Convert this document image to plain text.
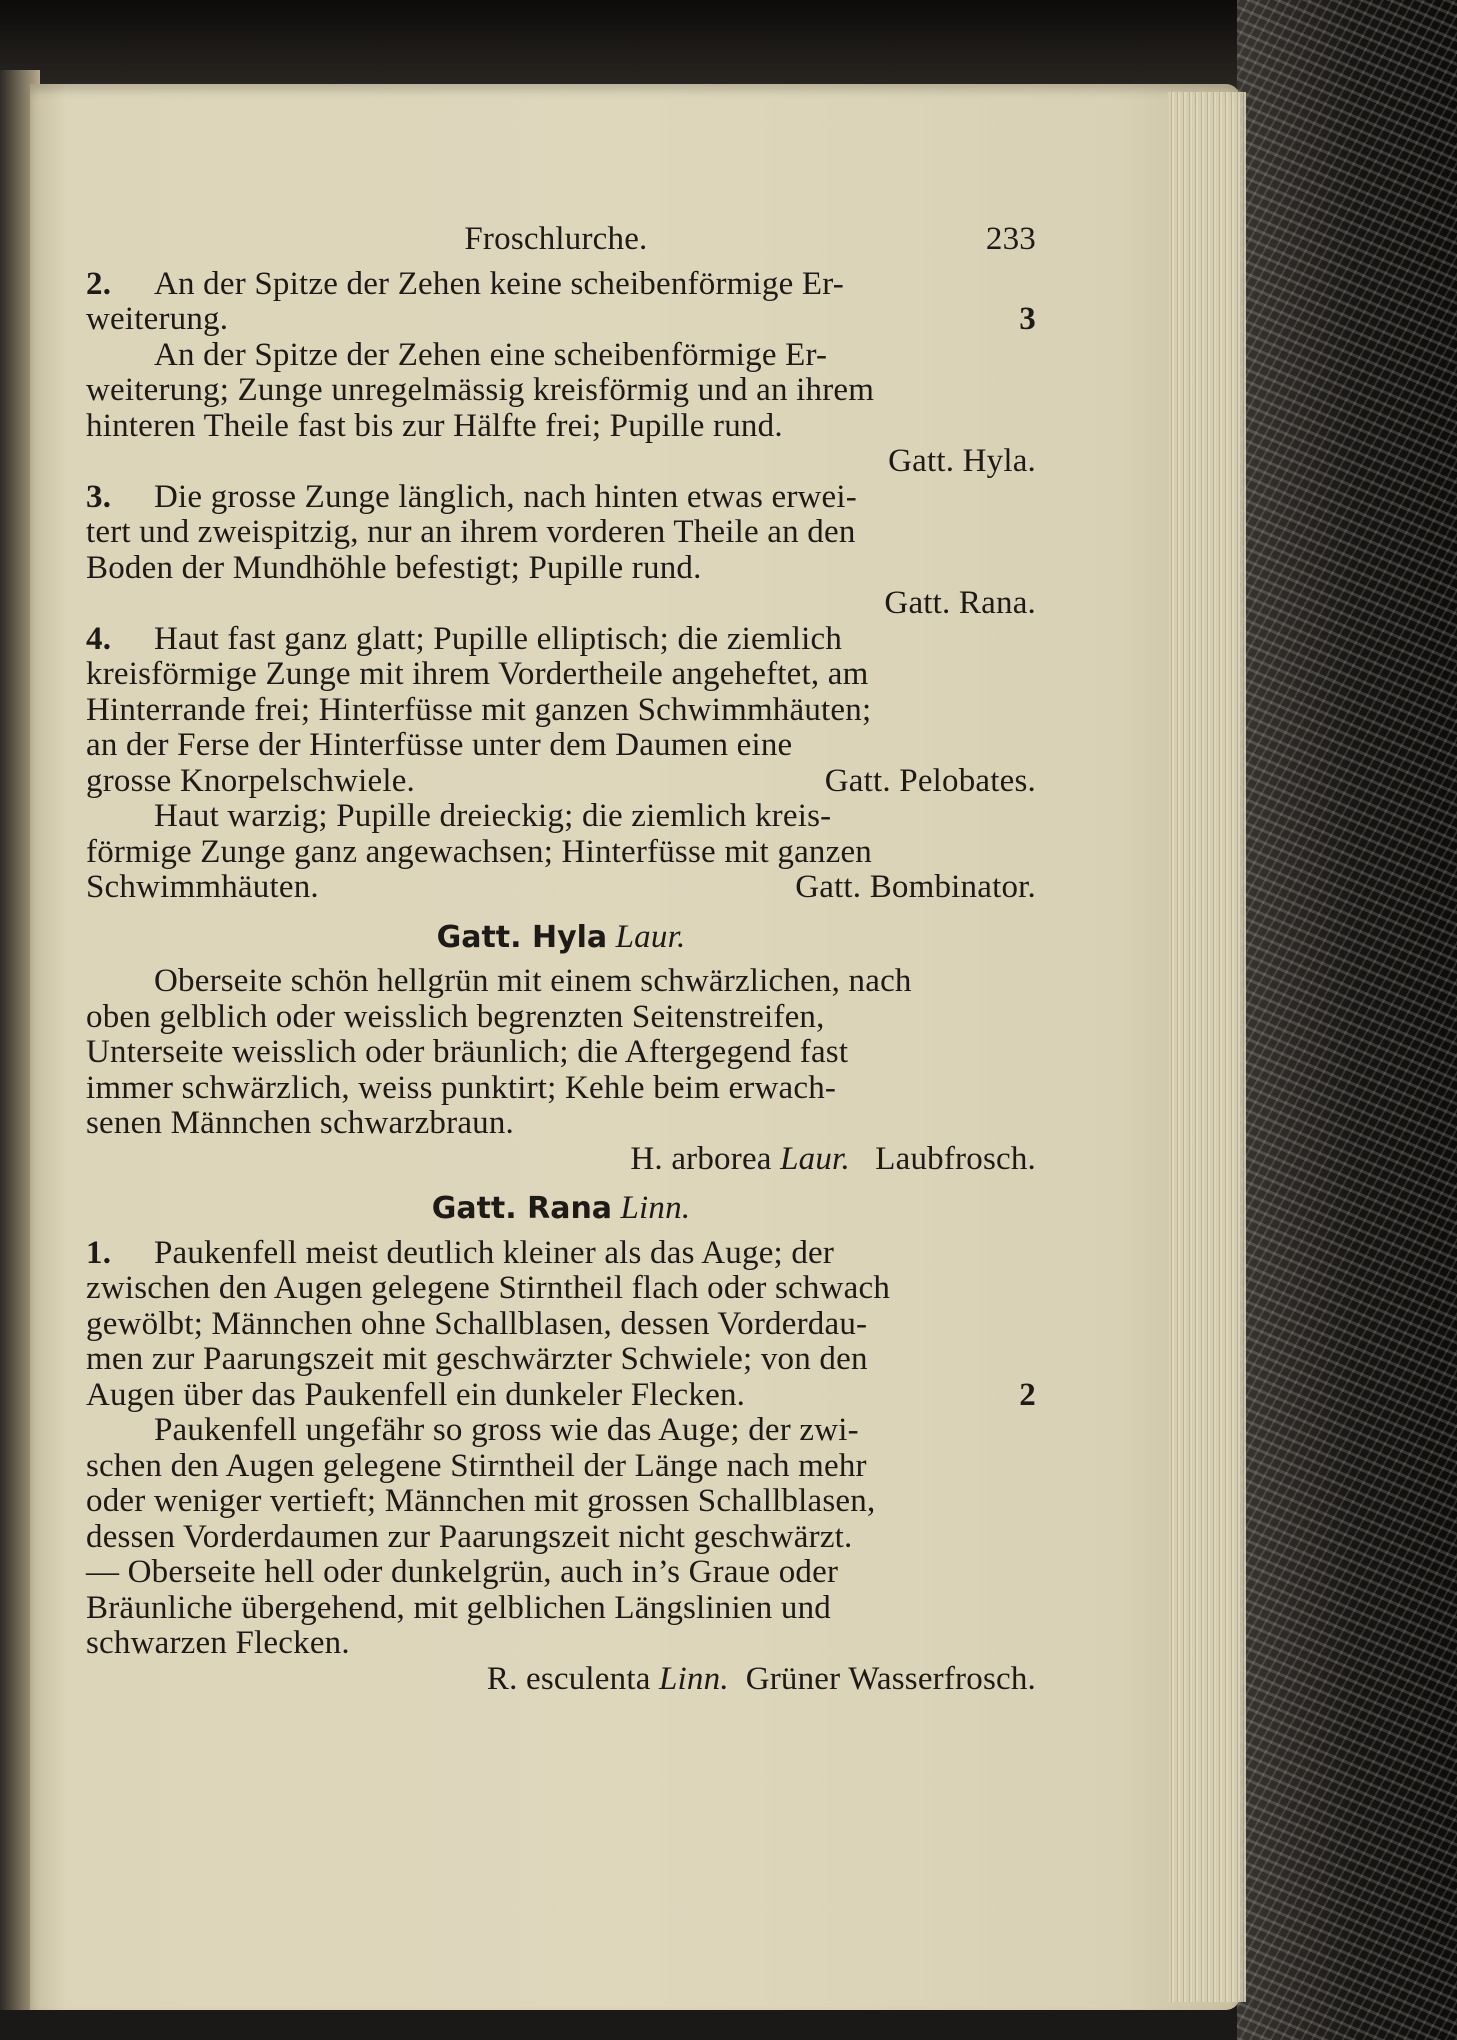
Froschlurche.	233
2. An der Spitze der Zehen keine scheibenförmige Er-
weiterung.	3
An der Spitze der Zehen eine scheibenförmige Er-
weiterung; Zunge unregelmässig kreisförmig und an ihrem
hinteren Theile fast bis zur Hälfte frei; Pupille rund.
Gatt. Hyla.
3.	Die grosse Zunge länglich, nach hinten etwas erwei-
tert und zweispitzig, nur an ihrem vorderen Theile an den
Boden der Mundhöhle befestigt; Pupille rund.
Gatt. Rana.
4.	Haut fast ganz glatt; Pupille elliptisch; die ziemlich
kreisförmige Zunge mit ihrem Vordertheile angeheftet, am
Hinterrande frei; Hinterfüsse mit ganzen Schwimmhäuten;
an der Ferse der Hinterfüsse unter dem Daumen eine
grosse Knorpelschwiele.	Gatt. Pelobates.
Haut warzig; Pupille dreieckig; die ziemlich kreis-
förmige Zunge ganz angewachsen; Hinterfüsse mit ganzen
Schwimmhäuten.	Gatt. Bombinator.
Gatt. Hyla
Laur.
Oberseite schön hellgrün mit einem schwärzlichen, nach
oben gelblich oder weisslich begrenzten Seitenstreifen,
Unterseite weisslich oder bräunlich; die Aftergegend fast
immer schwärzlich, weiss punktirt; Kehle beim erwach-
senen Männchen schwarzbraun.
H. arborea
Laur.
Laubfrosch.
Gatt. Rana
Linn.
1.	Paukenfell meist deutlich kleiner als das Auge; der
zwischen den Augen gelegene Stirntheil flach oder schwach
gewölbt; Männchen ohne Schallblasen, dessen Vorderdau-
men zur Paarungszeit mit geschwärzter Schwiele; von den
Augen über das Paukenfell ein dunkeler Flecken.	2
Paukenfell ungefähr so gross wie das Auge; der zwi-
schen den Augen gelegene Stirntheil der Länge nach mehr
oder weniger vertieft; Männchen mit grossen Schallblasen,
dessen Vorderdaumen zur Paarungszeit nicht geschwärzt.
— Oberseite hell oder dunkelgrün, auch in’s Graue oder
Bräunliche übergehend, mit gelblichen Längslinien und
schwarzen Flecken.
R. esculenta
Linn.
Grüner Wasserfrosch.
